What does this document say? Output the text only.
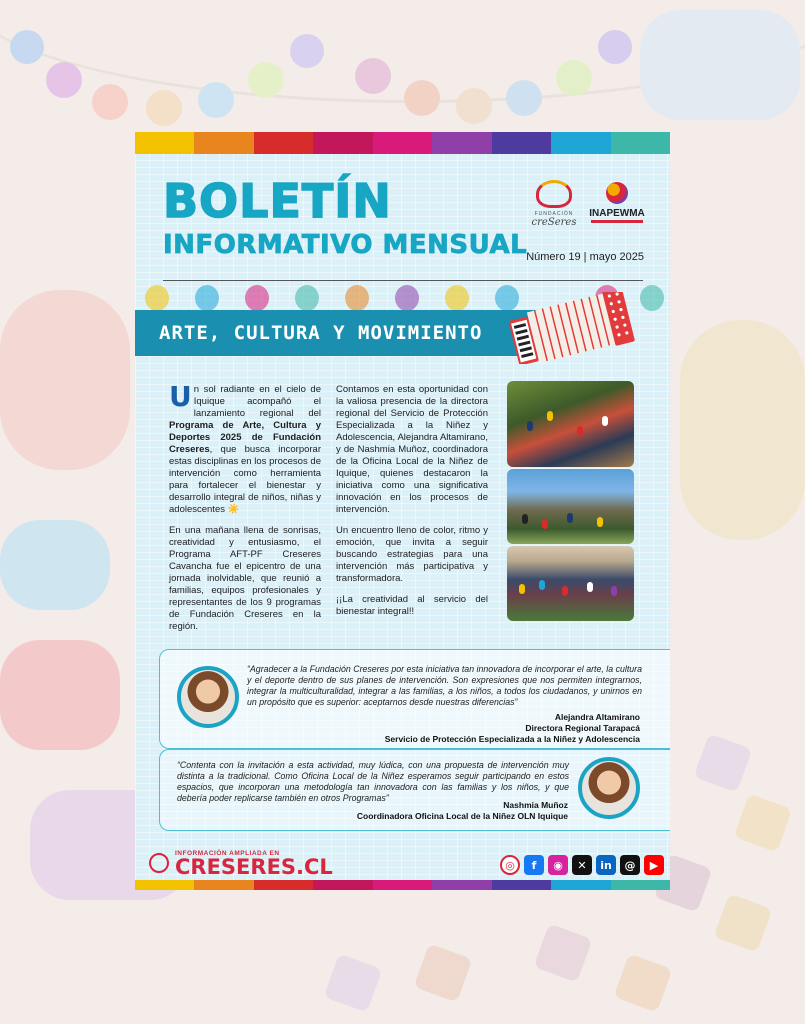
BOLETÍN
INFORMATIVO MENSUAL
FUNDACIÓN
creSeres
INAPEWMA
Número 19 | mayo 2025
ARTE, CULTURA Y MOVIMIENTO

Un sol radiante en el cielo de Iquique acompañó el lanzamiento regional del Programa de Arte, Cultura y Deportes 2025 de Fundación Creseres, que busca incorporar estas disciplinas en los procesos de intervención como herramienta para fortalecer el bienestar y desarrollo integral de niños, niñas y adolescentes ☀️

En una mañana llena de sonrisas, creatividad y entusiasmo, el Programa AFT-PF Creseres Cavancha fue el epicentro de una jornada inolvidable, que reunió a familias, equipos profesionales y representantes de los 9 programas de Fundación Creseres en la región.

Contamos en esta oportunidad con la valiosa presencia de la directora regional del Servicio de Protección Especializada a la Niñez y Adolescencia, Alejandra Altamirano, y de Nashmia Muñoz, coordinadora de la Oficina Local de la Niñez de Iquique, quienes destacaron la iniciativa como una significativa innovación en los procesos de intervención.

Un encuentro lleno de color, ritmo y emoción, que invita a seguir buscando estrategias para una intervención más participativa y transformadora.

¡¡La creatividad al servicio del bienestar integral!!

“Agradecer a la Fundación Creseres por esta iniciativa tan innovadora de incorporar el arte, la cultura y el deporte dentro de sus planes de intervención. Son expresiones que nos permiten integrarnos, integrar la multiculturalidad, integrar a las familias, a los niños, a todos los ciudadanos, y unirnos en un propósito que es superior: aceptarnos desde nuestras diferencias”
Alejandra Altamirano
Directora Regional Tarapacá
Servicio de Protección Especializada a la Niñez y Adolescencia
“Contenta con la invitación a esta actividad, muy lúdica, con una propuesta de intervención muy distinta a la tradicional. Como Oficina Local de la Niñez esperamos seguir participando en estos espacios, que incorporan una metodología tan innovadora con las familias y los niños, y que debería poder replicarse también en otros Programas”
Nashmia Muñoz
Coordinadora Oficina Local de la Niñez OLN Iquique
INFORMACIÓN AMPLIADA EN
CRESERES.CL	◎	f	◉	✕	in	@	▶
